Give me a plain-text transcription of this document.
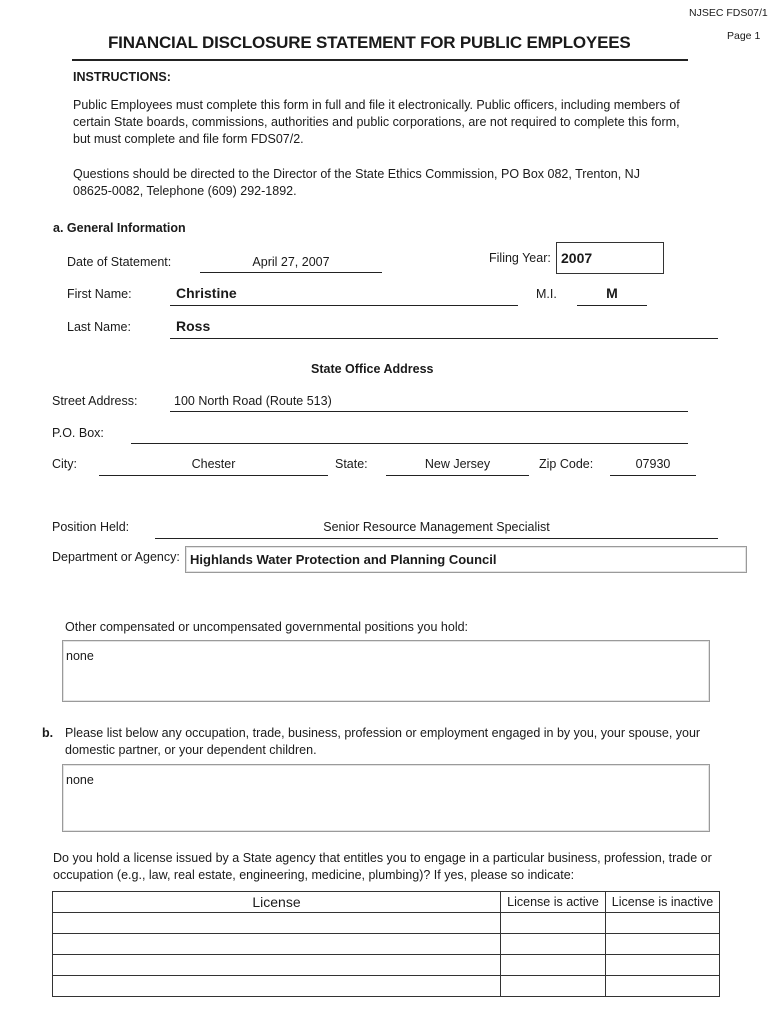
NJSEC FDS07/1
Page 1
FINANCIAL DISCLOSURE STATEMENT FOR PUBLIC EMPLOYEES
INSTRUCTIONS:
Public Employees must complete this form in full and file it electronically. Public officers, including members of certain State boards, commissions, authorities and public corporations, are not required to complete this form, but must complete and file form FDS07/2.
Questions should be directed to the Director of the State Ethics Commission, PO Box 082, Trenton, NJ 08625-0082, Telephone (609) 292-1892.
a. General Information
Date of Statement:	April 27, 2007	Filing Year: 2007
First Name:	Christine	M.I.	M
Last Name:	Ross
State Office Address
Street Address:	100 North Road (Route 513)
P.O. Box:
City:	Chester	State:	New Jersey	Zip Code:	07930
Position Held:	Senior Resource Management Specialist
Department or Agency: Highlands Water Protection and Planning Council
Other compensated or uncompensated governmental positions you hold:
none
b. Please list below any occupation, trade, business, profession or employment engaged in by you, your spouse, your domestic partner, or your dependent children.
none
Do you hold a license issued by a State agency that entitles you to engage in a particular business, profession, trade or occupation (e.g., law, real estate, engineering, medicine, plumbing)? If yes, please so indicate:
License	License is active	License is inactive
